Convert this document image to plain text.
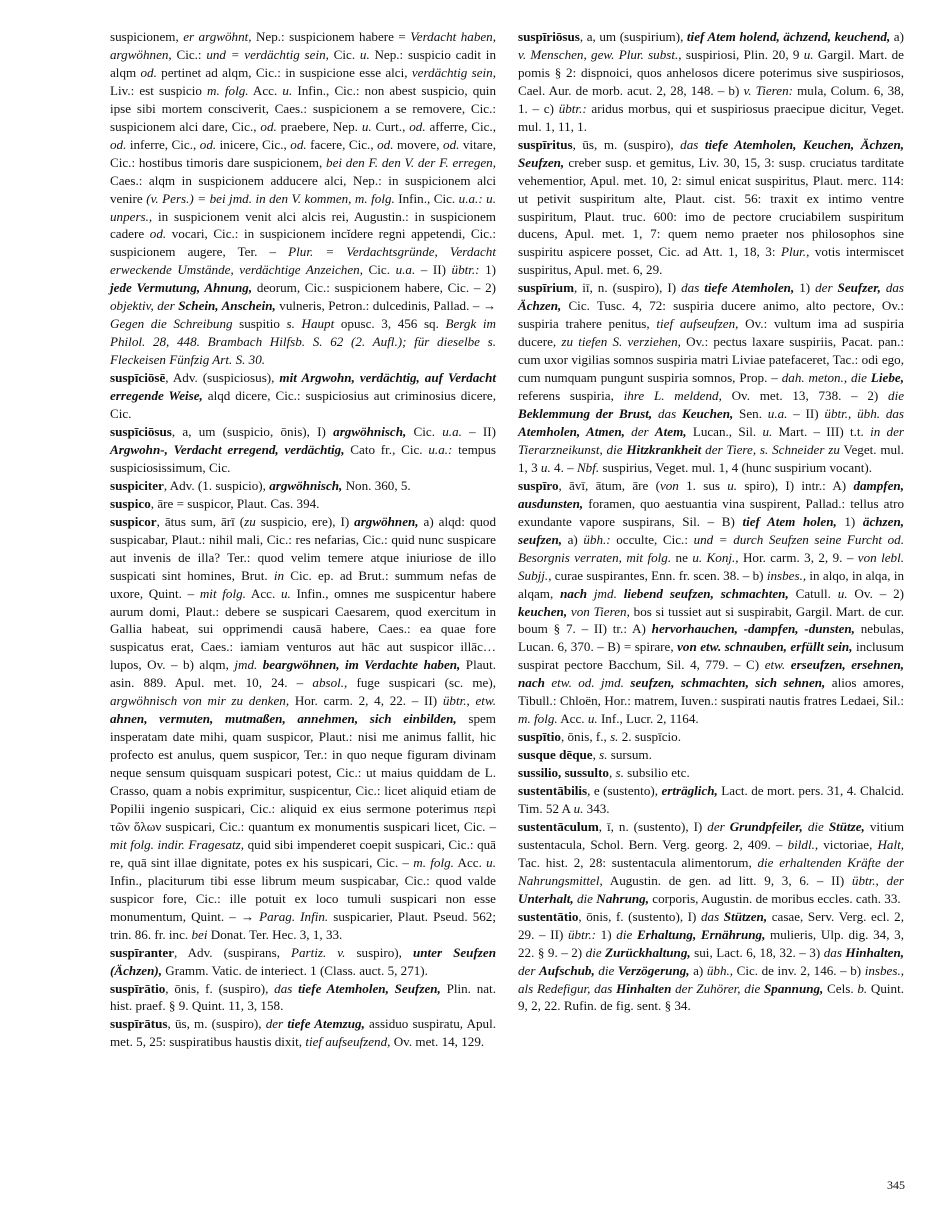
suspicionem, er argwöhnt, Nep.: suspicionem habere = Verdacht haben, argwöhnen, Cic.: und = verdächtig sein, Cic. u. Nep.: suspicio cadit in alqm od. pertinet ad alqm, Cic.: in suspicione esse alci, verdächtig sein, Liv.: est suspicio m. folg. Acc. u. Infin., Cic.: non abest suspicio, quin ipse sibi mortem consciverit, Caes.: suspicionem a se removere, Cic.: suspicionem alci dare, Cic., od. praebere, Nep. u. Curt., od. afferre, Cic., od. inferre, Cic., od. inicere, Cic., od. facere, Cic., od. movere, od. vitare, Cic.: hostibus timoris dare suspicionem, bei den F. den V. der F. erregen, Caes.: alqm in suspicionem adducere alci, Nep.: in suspicionem alci venire (v. Pers.) = bei jmd. in den V. kommen, m. folg. Infin., Cic. u.a.: u. unpers., in suspicionem venit alci alcis rei, Augustin.: in suspicionem cadere od. vocari, Cic.: in suspicionem incĭdere regni appetendi, Cic.: suspicionem augere, Ter. – Plur. = Verdachtsgründe, Verdacht erweckende Umstände, verdächtige Anzeichen, Cic. u.a. – II) übtr.: 1) jede Vermutung, Ahnung, deorum, Cic.: suspicionem habere, Cic. – 2) objektiv, der Schein, Anschein, vulneris, Petron.: dulcedinis, Pallad. – → Gegen die Schreibung suspitio s. Haupt opusc. 3, 456 sq. Bergk im Philol. 28, 448. Brambach Hilfsb. S. 62 (2. Aufl.); für dieselbe s. Fleckeisen Fünfzig Art. S. 30.

suspīciōsē, Adv. (suspiciosus), mit Argwohn, verdächtig, auf Verdacht erregende Weise, alqd dicere, Cic.: suspiciosius aut criminosius dicere, Cic.

suspīciōsus, a, um (suspicio, ōnis), I) argwöhnisch, Cic. u.a. – II) Argwohn-, Verdacht erregend, verdächtig, Cato fr., Cic. u.a.: tempus suspiciosissimum, Cic.

suspiciter, Adv. (1. suspicio), argwöhnisch, Non. 360, 5.

suspico, āre = suspicor, Plaut. Cas. 394.

suspicor, ātus sum, ārī (zu suspicio, ere), I) argwöhnen, a) alqd: quod suspicabar, Plaut.: nihil mali, Cic.: res nefarias, Cic.: quid nunc suspicare aut invenis de illa? Ter.: quod velim temere atque iniuriose de illo suspicati sint homines, Brut. in Cic. ep. ad Brut.: summum nefas de uxore, Quint. – mit folg. Acc. u. Infin., omnes me suspicentur habere aurum domi, Plaut.: debere se suspicari Caesarem, quod exercitum in Gallia habeat, sui opprimendi causā habere, Caes.: ea quae fore suspicatus erat, Caes.: iamiam venturos aut hāc aut suspicor illāc… lupos, Ov. – b) alqm, jmd. beargwöhnen, im Verdachte haben, Plaut. asin. 889. Apul. met. 10, 24. – absol., fuge suspicari (sc. me), argwöhnisch von mir zu denken, Hor. carm. 2, 4, 22. – II) übtr., etw. ahnen, vermuten, mutmaßen, annehmen, sich einbilden, spem insperatam date mihi, quam suspicor, Plaut.: nisi me animus fallit, hic profecto est anulus, quem suspicor, Ter.: in quo neque figuram divinam neque sensum quisquam suspicari potest, Cic.: ut maius quiddam de L. Crasso, quam a nobis exprimitur, suspicentur, Cic.: licet aliquid etiam de Popilii ingenio suspicari, Cic.: aliquid ex eius sermone poterimus περὶ τῶν ὅλων suspicari, Cic.: quantum ex monumentis suspicari licet, Cic. – mit folg. indir. Fragesatz, quid sibi impenderet coepit suspicari, Cic.: quā re, quā sint illae dignitate, potes ex his suspicari, Cic. – m. folg. Acc. u. Infin., placiturum tibi esse librum meum suspicabar, Cic.: quod valde suspicor fore, Cic.: ille potuit ex loco tumuli suspicari non esse monumentum, Quint. – → Parag. Infin. suspicarier, Plaut. Pseud. 562; trin. 86. fr. inc. bei Donat. Ter. Hec. 3, 1, 33.

suspīranter, Adv. (suspirans, Partiz. v. suspiro), unter Seufzen (Ächzen), Gramm. Vatic. de interiect. 1 (Class. auct. 5, 271).

suspīrātio, ōnis, f. (suspiro), das tiefe Atemholen, Seufzen, Plin. nat. hist. praef. § 9. Quint. 11, 3, 158.

suspīrātus, ūs, m. (suspiro), der tiefe Atemzug, assiduo suspiratu, Apul. met. 5, 25: suspiratibus haustis dixit, tief aufseufzend, Ov. met. 14, 129.

suspīriōsus, a, um (suspirium), tief Atem holend, ächzend, keuchend, a) v. Menschen, gew. Plur. subst., suspiriosi, Plin. 20, 9 u. Gargil. Mart. de pomis § 2: dispnoici, quos anhelosos dicere poterimus sive suspiriosos, Cael. Aur. de morb. acut. 2, 28, 148. – b) v. Tieren: mula, Colum. 6, 38, 1. – c) übtr.: aridus morbus, qui et suspiriosus praecipue dicitur, Veget. mul. 1, 11, 1.

suspīritus, ūs, m. (suspiro), das tiefe Atemholen, Keuchen, Ächzen, Seufzen, creber susp. et gemitus, Liv. 30, 15, 3: susp. cruciatus tarditate vehementior, Apul. met. 10, 2: simul enicat suspiritus, Plaut. merc. 114: ut petivit suspiritum alte, Plaut. cist. 56: traxit ex intimo ventre suspiritum, Plaut. truc. 600: imo de pectore cruciabilem suspiritum ducens, Apul. met. 1, 7: quem nemo praeter nos philosophos sine suspiritu aspicere posset, Cic. ad Att. 1, 18, 3: Plur., votis intermiscet suspiritus, Apul. met. 6, 29.

suspīrium, iī, n. (suspiro), I) das tiefe Atemholen, 1) der Seufzer, das Ächzen, Cic. Tusc. 4, 72: suspiria ducere animo, alto pectore, Ov.: suspiria trahere penitus, tief aufseufzen, Ov.: vultum ima ad suspiria ducere, zu tiefen S. verziehen, Ov.: pectus laxare suspiriis, Pacat. pan.: cum uxor vigilias somnos suspiria matri Liviae patefaceret, Tac.: odi ego, cum numquam pungunt suspiria somnos, Prop. – dah. meton., die Liebe, referens suspiria, ihre L. meldend, Ov. met. 13, 738. – 2) die Beklemmung der Brust, das Keuchen, Sen. u.a. – II) übtr., übh. das Atemholen, Atmen, der Atem, Lucan., Sil. u. Mart. – III) t.t. in der Tierarzneikunst, die Hitzkrankheit der Tiere, s. Schneider zu Veget. mul. 1, 3 u. 4. – Nbf. suspirius, Veget. mul. 1, 4 (hunc suspirium vocant).

suspīro, āvī, ātum, āre (von 1. sus u. spiro), I) intr.: A) dampfen, ausdunsten, foramen, quo aestuantia vina suspirent, Pallad.: tellus atro exundante vapore suspirans, Sil. – B) tief Atem holen, 1) ächzen, seufzen, a) übh.: occulte, Cic.: und = durch Seufzen seine Furcht od. Besorgnis verraten, mit folg. ne u. Konj., Hor. carm. 3, 2, 9. – von lebl. Subjj., curae suspirantes, Enn. fr. scen. 38. – b) insbes., in alqo, in alqa, in alqam, nach jmd. liebend seufzen, schmachten, Catull. u. Ov. – 2) keuchen, von Tieren, bos si tussiet aut si suspirabit, Gargil. Mart. de cur. boum § 7. – II) tr.: A) hervorhauchen, -dampfen, -dunsten, nebulas, Lucan. 6, 370. – B) = spirare, von etw. schnauben, erfüllt sein, inclusum suspirat pectore Bacchum, Sil. 4, 779. – C) etw. erseufzen, ersehnen, nach etw. od. jmd. seufzen, schmachten, sich sehnen, alios amores, Tibull.: Chloën, Hor.: matrem, Iuven.: suspirati nautis fratres Ledaei, Sil.: m. folg. Acc. u. Inf., Lucr. 2, 1164.

suspītio, ōnis, f., s. 2. suspīcio.

susque dēque, s. sursum.

sussilio, sussulto, s. subsilio etc.

sustentābilis, e (sustento), erträglich, Lact. de mort. pers. 31, 4. Chalcid. Tim. 52 A u. 343.

sustentāculum, ī, n. (sustento), I) der Grundpfeiler, die Stütze, vitium sustentacula, Schol. Bern. Verg. georg. 2, 409. – bildl., victoriae, Halt, Tac. hist. 2, 28: sustentacula alimentorum, die erhaltenden Kräfte der Nahrungsmittel, Augustin. de gen. ad litt. 9, 3, 6. – II) übtr., der Unterhalt, die Nahrung, corporis, Augustin. de moribus eccles. cath. 33.

sustentātio, ōnis, f. (sustento), I) das Stützen, casae, Serv. Verg. ecl. 2, 29. – II) übtr.: 1) die Erhaltung, Ernährung, mulieris, Ulp. dig. 34, 3, 22. § 9. – 2) die Zurückhaltung, sui, Lact. 6, 18, 32. – 3) das Hinhalten, der Aufschub, die Verzögerung, a) übh., Cic. de inv. 2, 146. – b) insbes., als Redefigur, das Hinhalten der Zuhörer, die Spannung, Cels. b. Quint. 9, 2, 22. Rufin. de fig. sent. § 34.

345
